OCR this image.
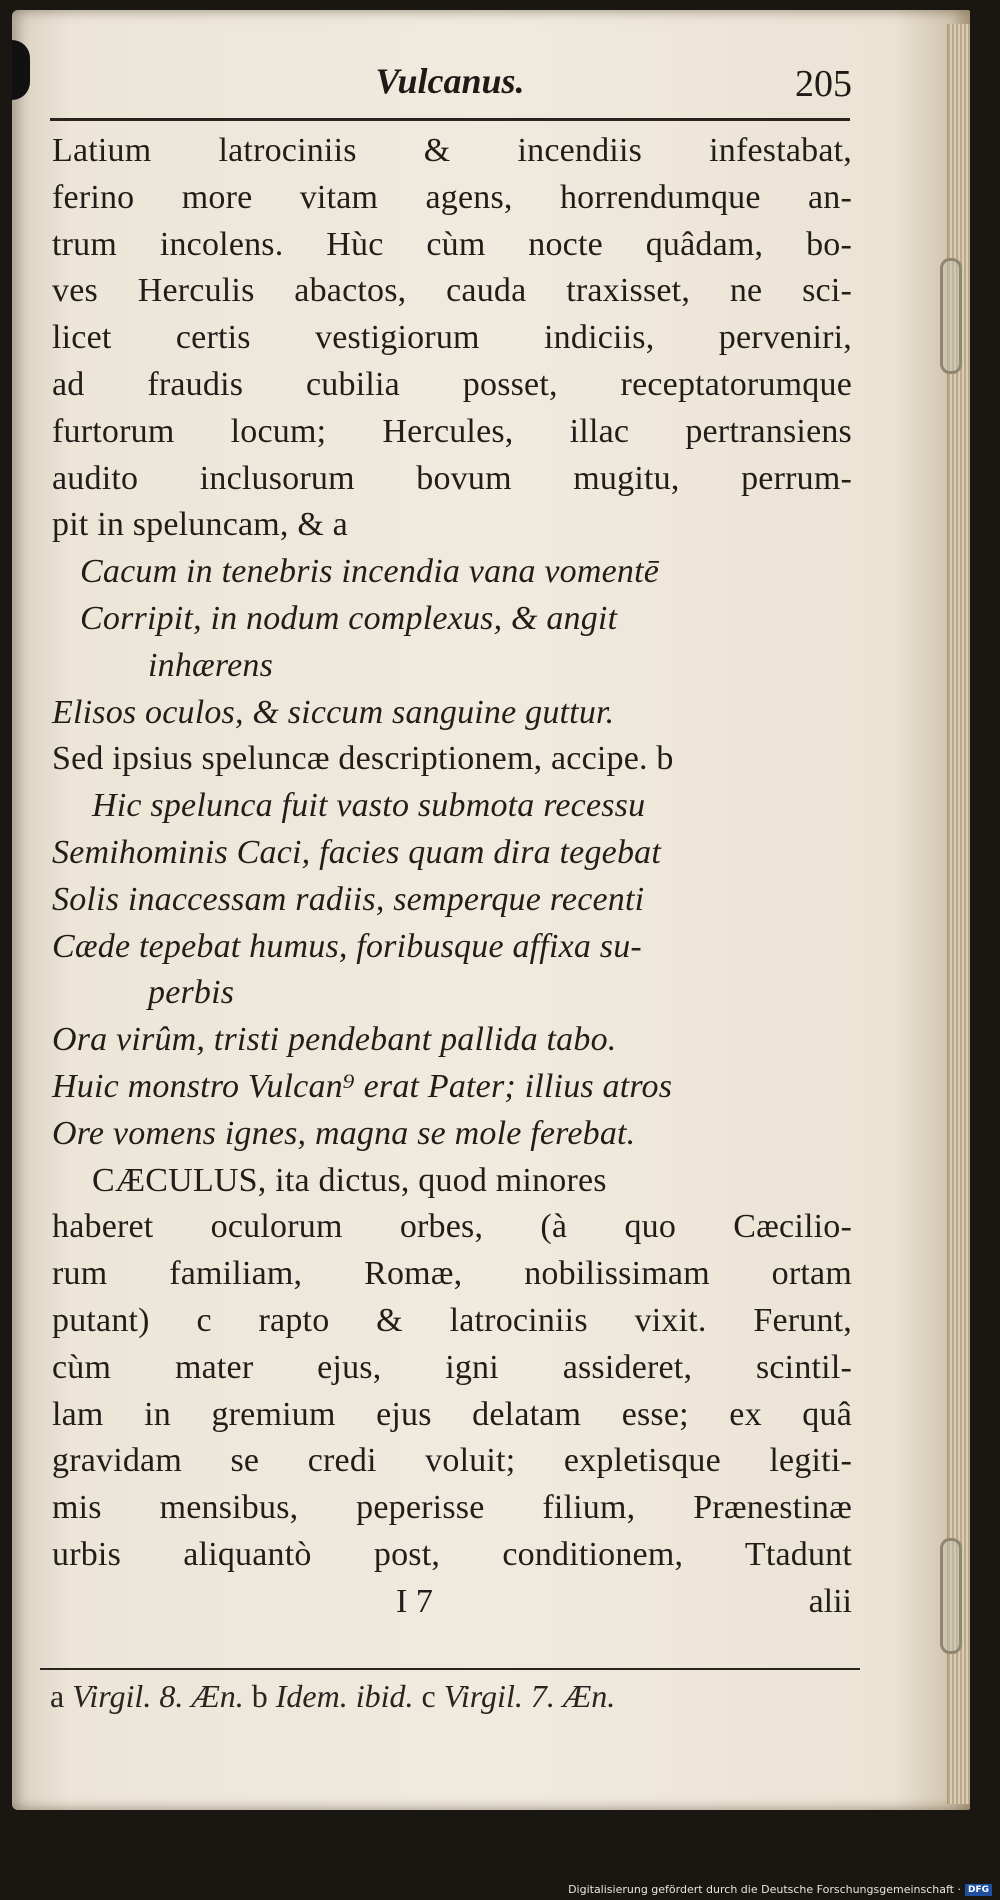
Vulcanus.	205
Latium latrociniis & incendiis infestabat,
ferino more vitam agens, horrendumque an-
trum incolens. Hùc cùm nocte quâdam, bo-
ves Herculis abactos, cauda traxisset, ne sci-
licet certis vestigiorum indiciis, perveniri,
ad fraudis cubilia posset, receptatorumque
furtorum locum; Hercules, illac pertransiens
audito inclusorum bovum mugitu, perrum-
pit in speluncam, & a
Cacum in tenebris incendia vana vomentē
Corripit, in nodum complexus, & angit
inhærens
Elisos oculos, & siccum sanguine guttur.
Sed ipsius speluncæ descriptionem, accipe. b
Hic spelunca fuit vasto submota recessu
Semihominis Caci, facies quam dira tegebat
Solis inaccessam radiis, semperque recenti
Cæde tepebat humus, foribusque affixa su-
perbis
Ora virûm, tristi pendebant pallida tabo.
Huic monstro Vulcan⁹ erat Pater; illius atros
Ore vomens ignes, magna se mole ferebat.
CÆCULUS, ita dictus, quod minores
haberet oculorum orbes, (à quo Cæcilio-
rum familiam, Romæ, nobilissimam ortam
putant) c rapto & latrociniis vixit. Ferunt,
cùm mater ejus, igni assideret, scintil-
lam in gremium ejus delatam esse; ex quâ
gravidam se credi voluit; expletisque legiti-
mis mensibus, peperisse filium, Prænestinæ
urbis aliquantò post, conditionem, Ttadunt
I 7	alii
a Virgil. 8. Æn. b Idem. ibid. c Virgil. 7. Æn.
Digitalisierung gefördert durch die Deutsche Forschungsgemeinschaft · DFG
